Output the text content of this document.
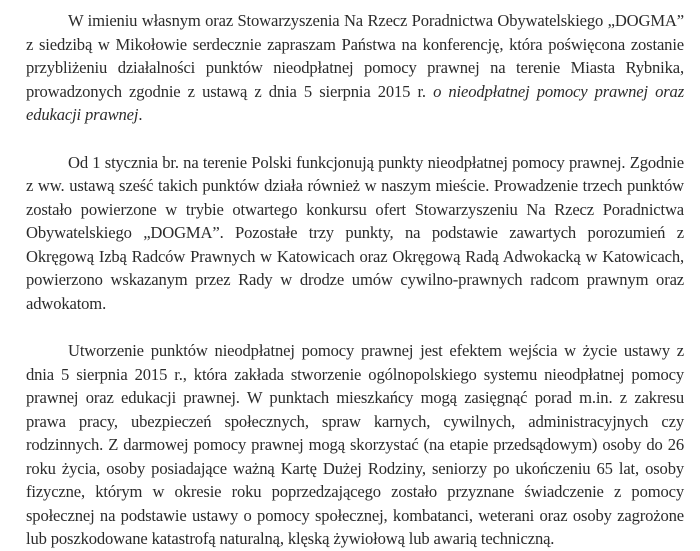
W imieniu własnym oraz Stowarzyszenia Na Rzecz Poradnictwa Obywatelskiego „DOGMA” z siedzibą w Mikołowie serdecznie zapraszam Państwa na konferencję, która poświęcona zostanie przybliżeniu działalności punktów nieodpłatnej pomocy prawnej na terenie Miasta Rybnika, prowadzonych zgodnie z ustawą z dnia 5 sierpnia 2015 r. o nieodpłatnej pomocy prawnej oraz edukacji prawnej.

Od 1 stycznia br. na terenie Polski funkcjonują punkty nieodpłatnej pomocy prawnej. Zgodnie z ww. ustawą sześć takich punktów działa również w naszym mieście. Prowadzenie trzech punktów zostało powierzone w trybie otwartego konkursu ofert Stowarzyszeniu Na Rzecz Poradnictwa Obywatelskiego „DOGMA”. Pozostałe trzy punkty, na podstawie zawartych porozumień z Okręgową Izbą Radców Prawnych w Katowicach oraz Okręgową Radą Adwokacką w Katowicach, powierzono wskazanym przez Rady w drodze umów cywilno-prawnych radcom prawnym oraz adwokatom.

Utworzenie punktów nieodpłatnej pomocy prawnej jest efektem wejścia w życie ustawy z dnia 5 sierpnia 2015 r., która zakłada stworzenie ogólnopolskiego systemu nieodpłatnej pomocy prawnej oraz edukacji prawnej. W punktach mieszkańcy mogą zasięgnąć porad m.in. z zakresu prawa pracy, ubezpieczeń społecznych, spraw karnych, cywilnych, administracyjnych czy rodzinnych. Z darmowej pomocy prawnej mogą skorzystać (na etapie przedsądowym) osoby do 26 roku życia, osoby posiadające ważną Kartę Dużej Rodziny, seniorzy po ukończeniu 65 lat, osoby fizyczne, którym w okresie roku poprzedzającego zostało przyznane świadczenie z pomocy społecznej na podstawie ustawy o pomocy społecznej, kombatanci, weterani oraz osoby zagrożone lub poszkodowane katastrofą naturalną, klęską żywiołową lub awarią techniczną.
